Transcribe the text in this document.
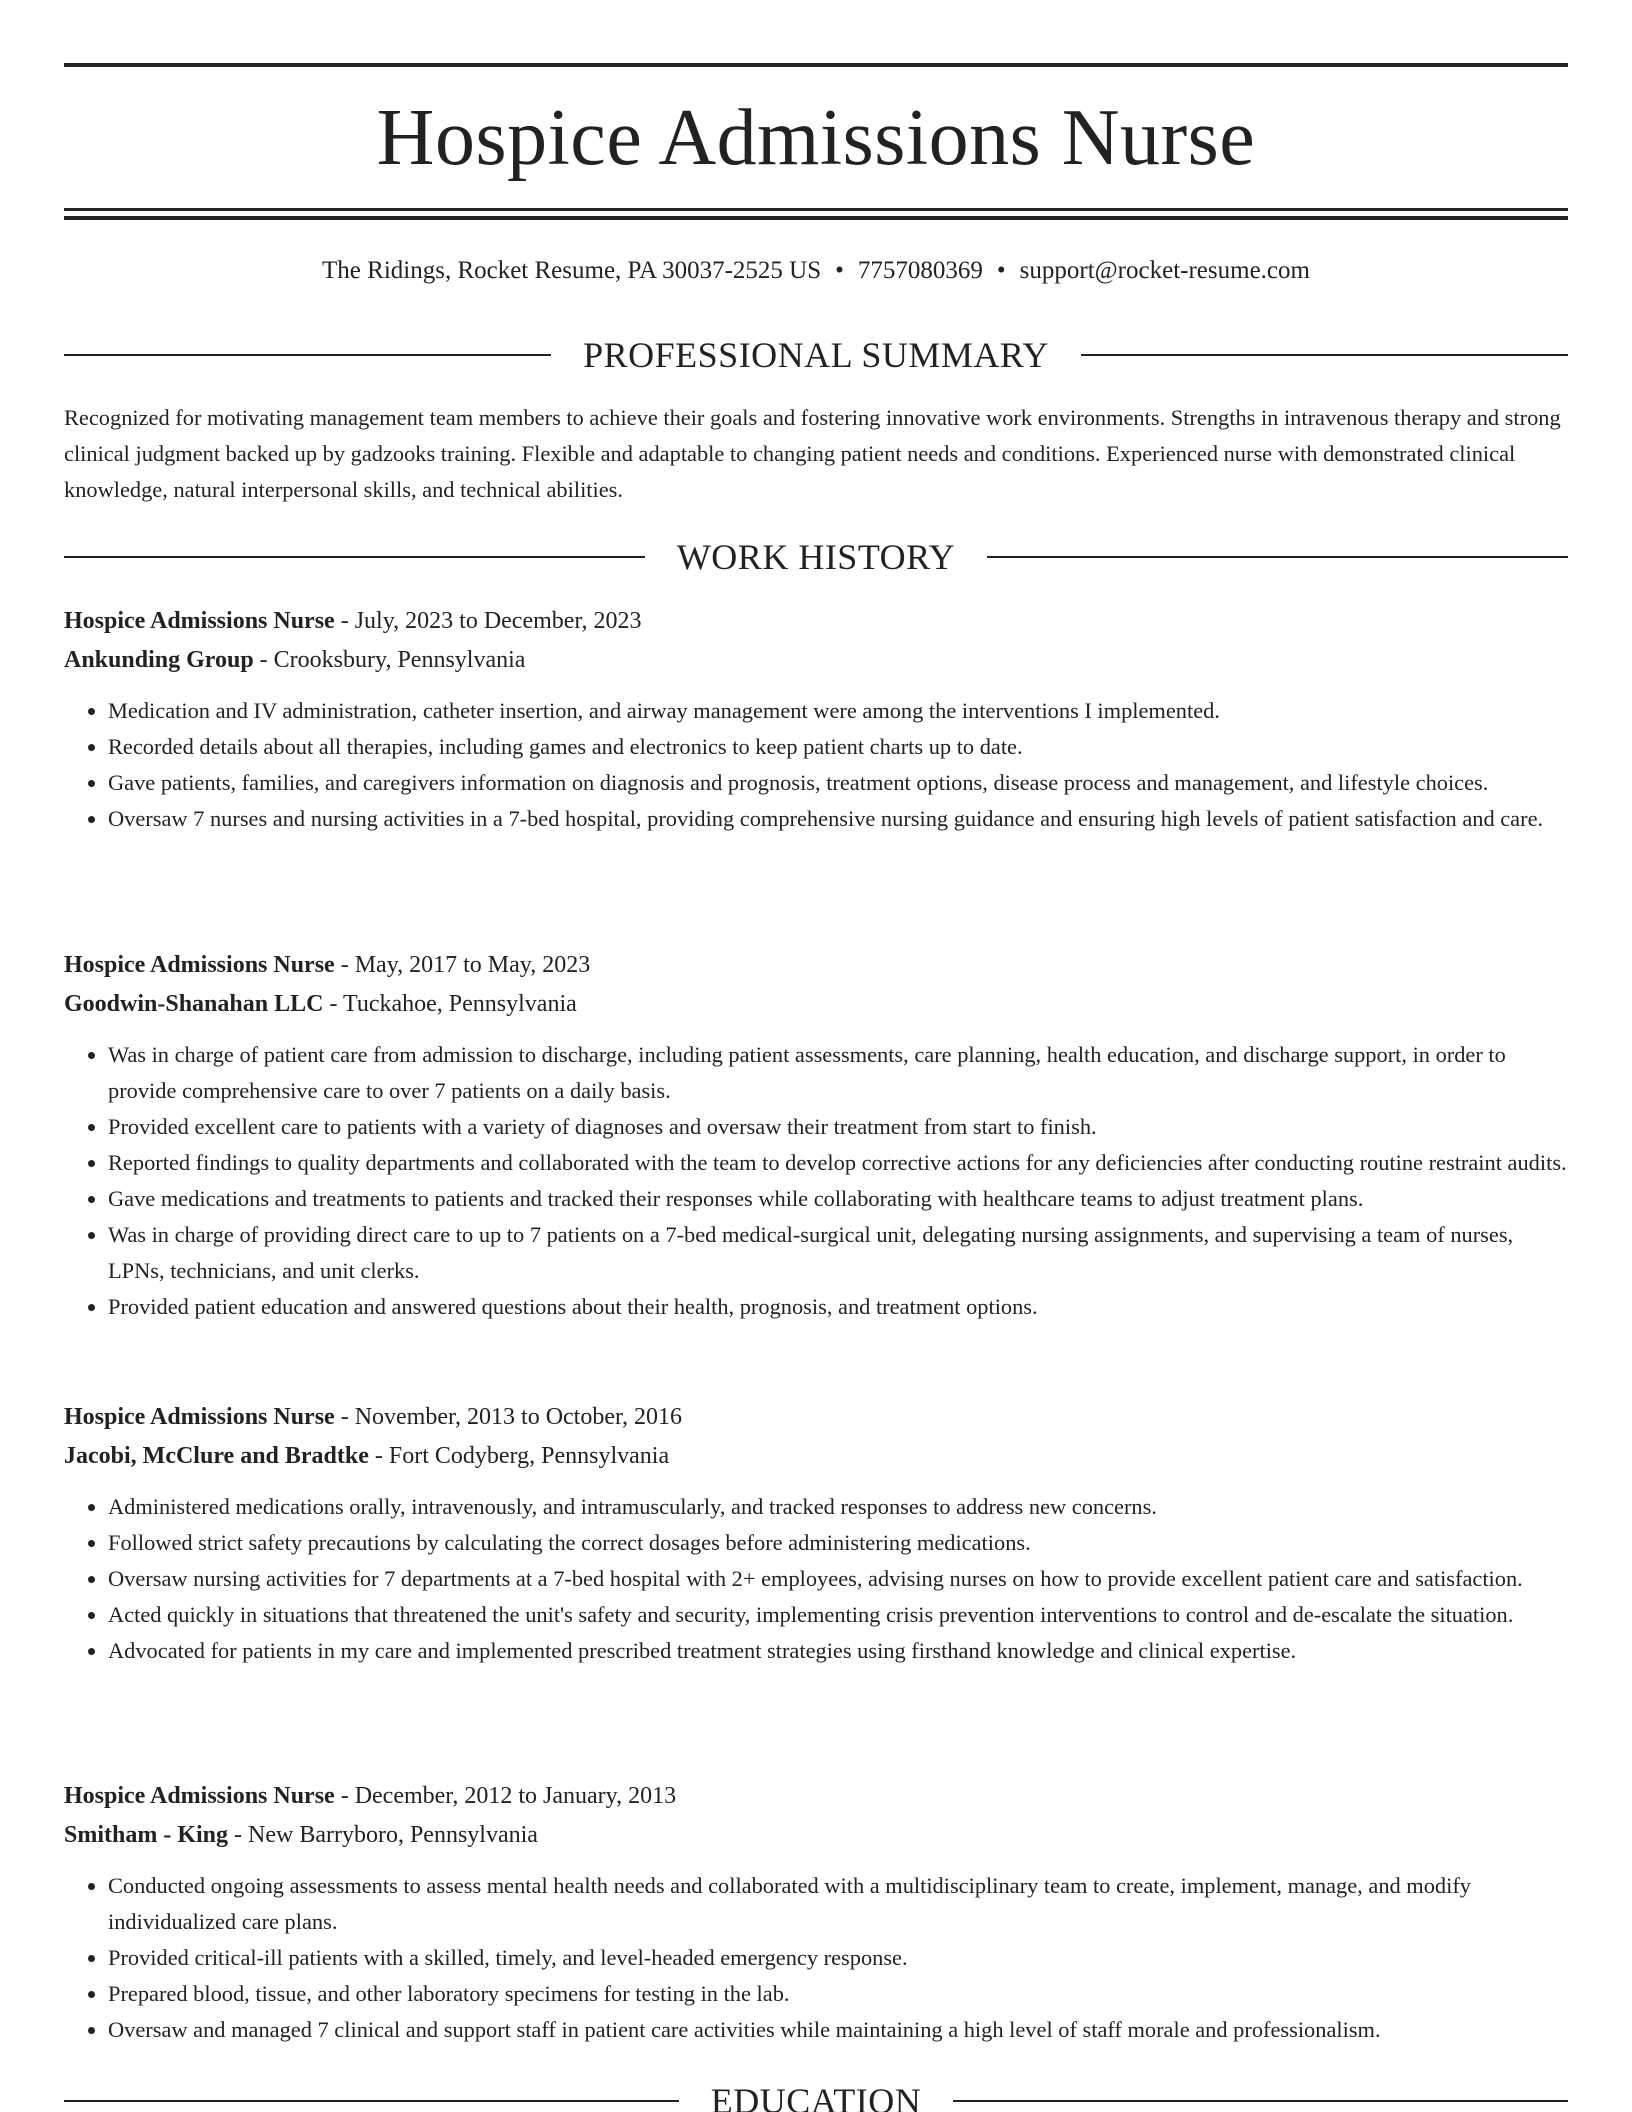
Hospice Admissions Nurse
The Ridings, Rocket Resume, PA 30037-2525 US • 7757080369 • support@rocket-resume.com
PROFESSIONAL SUMMARY
Recognized for motivating management team members to achieve their goals and fostering innovative work environments. Strengths in intravenous therapy and strong clinical judgment backed up by gadzooks training. Flexible and adaptable to changing patient needs and conditions. Experienced nurse with demonstrated clinical knowledge, natural interpersonal skills, and technical abilities.
WORK HISTORY
Hospice Admissions Nurse - July, 2023 to December, 2023
Ankunding Group - Crooksbury, Pennsylvania
• Medication and IV administration, catheter insertion, and airway management were among the interventions I implemented.
• Recorded details about all therapies, including games and electronics to keep patient charts up to date.
• Gave patients, families, and caregivers information on diagnosis and prognosis, treatment options, disease process and management, and lifestyle choices.
• Oversaw 7 nurses and nursing activities in a 7-bed hospital, providing comprehensive nursing guidance and ensuring high levels of patient satisfaction and care.
Hospice Admissions Nurse - May, 2017 to May, 2023
Goodwin-Shanahan LLC - Tuckahoe, Pennsylvania
• Was in charge of patient care from admission to discharge, including patient assessments, care planning, health education, and discharge support, in order to provide comprehensive care to over 7 patients on a daily basis.
• Provided excellent care to patients with a variety of diagnoses and oversaw their treatment from start to finish.
• Reported findings to quality departments and collaborated with the team to develop corrective actions for any deficiencies after conducting routine restraint audits.
• Gave medications and treatments to patients and tracked their responses while collaborating with healthcare teams to adjust treatment plans.
• Was in charge of providing direct care to up to 7 patients on a 7-bed medical-surgical unit, delegating nursing assignments, and supervising a team of nurses, LPNs, technicians, and unit clerks.
• Provided patient education and answered questions about their health, prognosis, and treatment options.
Hospice Admissions Nurse - November, 2013 to October, 2016
Jacobi, McClure and Bradtke - Fort Codyberg, Pennsylvania
• Administered medications orally, intravenously, and intramuscularly, and tracked responses to address new concerns.
• Followed strict safety precautions by calculating the correct dosages before administering medications.
• Oversaw nursing activities for 7 departments at a 7-bed hospital with 2+ employees, advising nurses on how to provide excellent patient care and satisfaction.
• Acted quickly in situations that threatened the unit's safety and security, implementing crisis prevention interventions to control and de-escalate the situation.
• Advocated for patients in my care and implemented prescribed treatment strategies using firsthand knowledge and clinical expertise.
Hospice Admissions Nurse - December, 2012 to January, 2013
Smitham - King - New Barryboro, Pennsylvania
• Conducted ongoing assessments to assess mental health needs and collaborated with a multidisciplinary team to create, implement, manage, and modify individualized care plans.
• Provided critical-ill patients with a skilled, timely, and level-headed emergency response.
• Prepared blood, tissue, and other laboratory specimens for testing in the lab.
• Oversaw and managed 7 clinical and support staff in patient care activities while maintaining a high level of staff morale and professionalism.
EDUCATION
